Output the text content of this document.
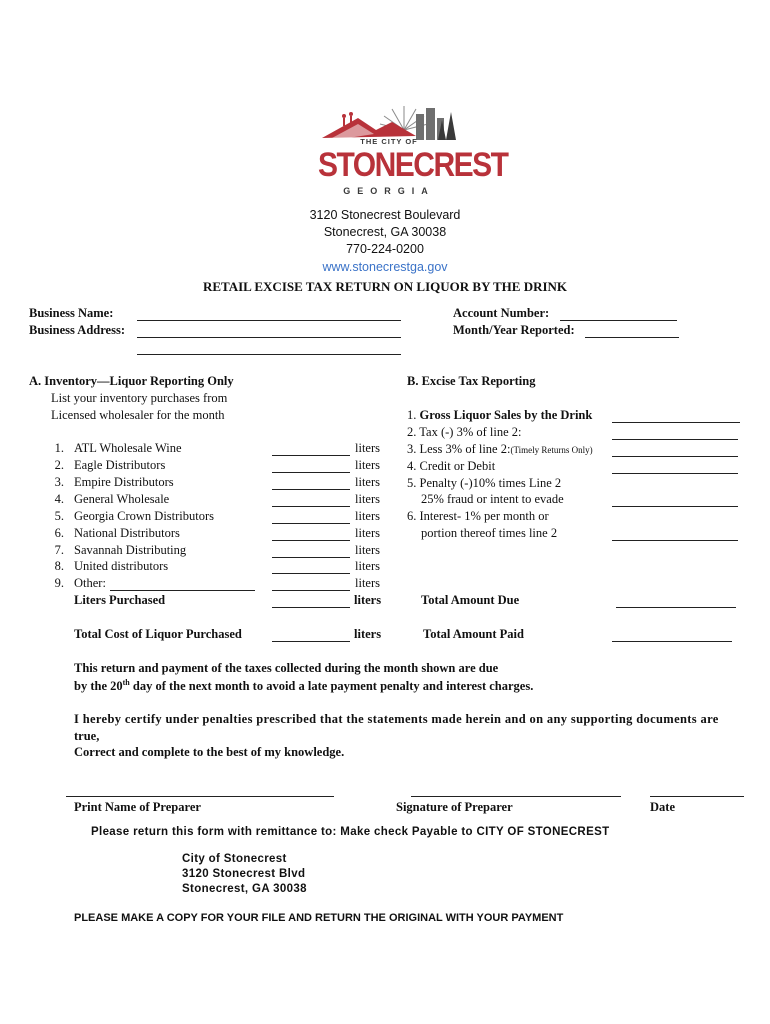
THE CITY OF
STONECREST
GEORGIA
3120 Stonecrest Boulevard
Stonecrest, GA 30038
770-224-0200
www.stonecrestga.gov
RETAIL EXCISE TAX RETURN ON LIQUOR BY THE DRINK
Business Name:
Business Address:
Account Number:
Month/Year Reported:
A. Inventory—Liquor Reporting Only
List your inventory purchases from
Licensed wholesaler for the month
1. ATL Wholesale Wine	liters
2. Eagle Distributors	liters
3. Empire Distributors	liters
4. General Wholesale	liters
5. Georgia Crown Distributors	liters
6. National Distributors	liters
7. Savannah Distributing	liters
8. United distributors	liters
9. Other:	liters
Liters Purchased	liters
Total Cost of Liquor Purchased	liters
B. Excise Tax Reporting
1. Gross Liquor Sales by the Drink
2. Tax (-) 3% of line 2:
3. Less 3% of line 2:(Timely Returns Only)
4. Credit or Debit
5. Penalty (-)10% times Line 2
25% fraud or intent to evade
6. Interest- 1% per month or
portion thereof times line 2
Total Amount Due
Total Amount Paid
This return and payment of the taxes collected during the month shown are due
by the 20th day of the next month to avoid a late payment penalty and interest charges.
I hereby certify under penalties prescribed that the statements made herein and on any supporting documents are
true,
Correct and complete to the best of my knowledge.
Print Name of Preparer	Signature of Preparer	Date
Please return this form with remittance to: Make check Payable to CITY OF STONECREST
City of Stonecrest
3120 Stonecrest Blvd
Stonecrest, GA 30038
PLEASE MAKE A COPY FOR YOUR FILE AND RETURN THE ORIGINAL WITH YOUR PAYMENT
